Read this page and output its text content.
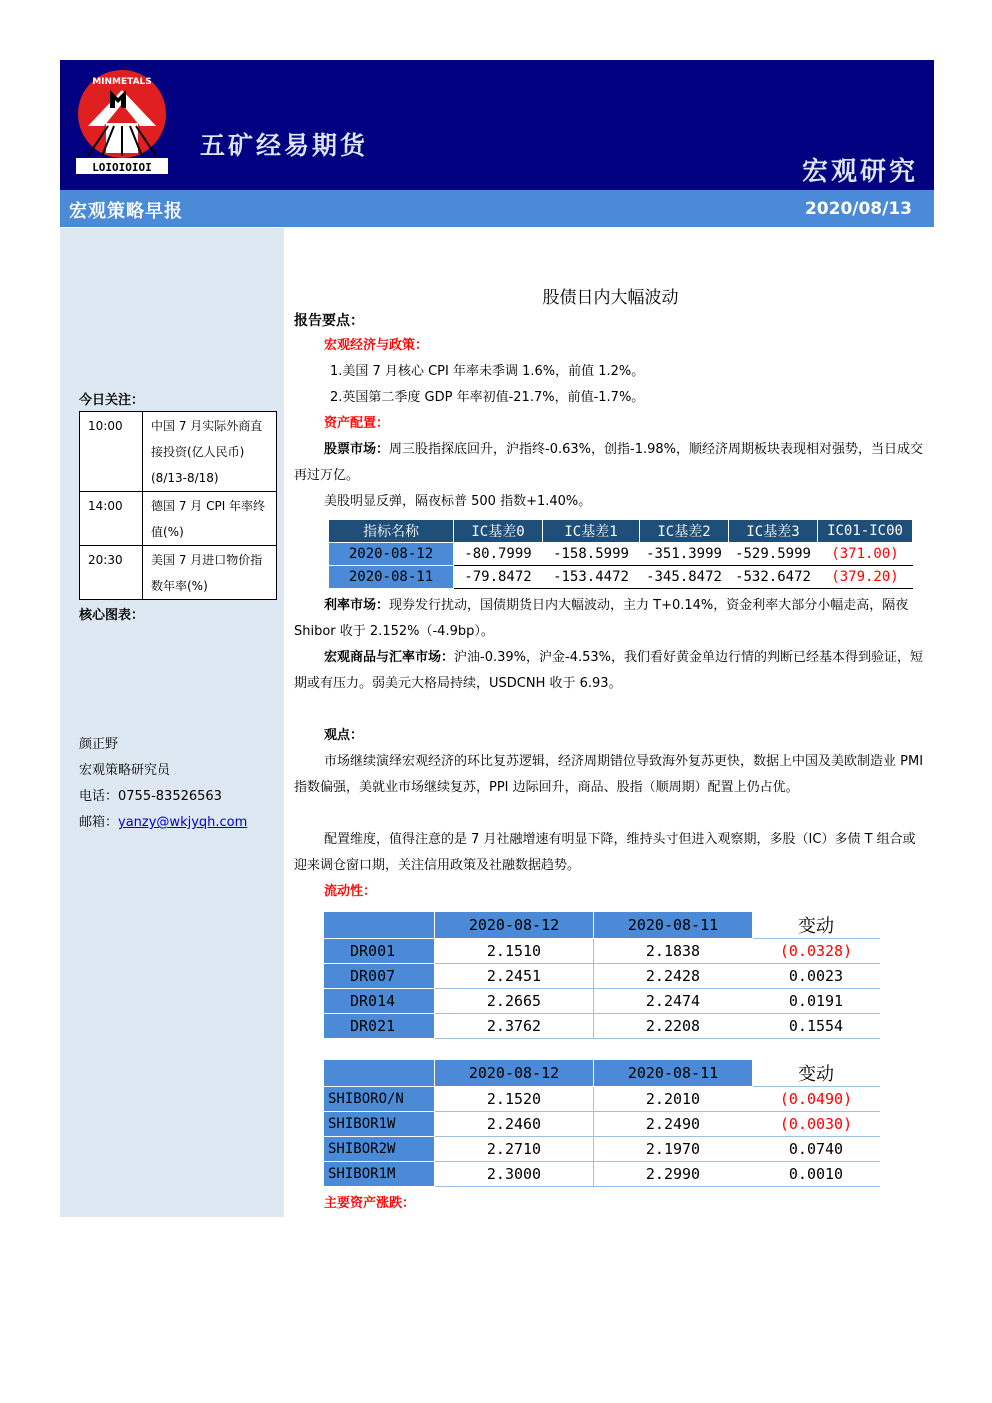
LOIOIOIOI
MINMETALS
五矿经易期货
宏观研究
宏观策略早报	2020/08/13
今日关注：
10:00	中国 7 月实际外商直接投资(亿人民币)(8/13-8/18)
14:00	德国 7 月 CPI 年率终值(%)
20:30	美国 7 月进口物价指数年率(%)
核心图表：
颜正野
宏观策略研究员
电话：0755-83526563
邮箱：yanzy@wkjyqh.com
股债日内大幅波动
报告要点：
宏观经济与政策：
1.美国 7 月核心 CPI 年率未季调 1.6%，前值 1.2%。
2.英国第二季度 GDP 年率初值-21.7%，前值-1.7%。
资产配置：
股票市场：周三股指探底回升，沪指终-0.63%，创指-1.98%，顺经济周期板块表现相对强势，当日成交再过万亿。
美股明显反弹，隔夜标普 500 指数+1.40%。
指标名称	IC基差0	IC基差1	IC基差2	IC基差3	IC01-IC00
2020-08-12	-80.7999	-158.5999	-351.3999	-529.5999	(371.00)
2020-08-11	-79.8472	-153.4472	-345.8472	-532.6472	(379.20)
利率市场：现券发行扰动，国债期货日内大幅波动，主力 T+0.14%，资金利率大部分小幅走高，隔夜 Shibor 收于 2.152%（-4.9bp）。
宏观商品与汇率市场：沪油-0.39%，沪金-4.53%，我们看好黄金单边行情的判断已经基本得到验证，短期或有压力。弱美元大格局持续，USDCNH 收于 6.93。
观点：
市场继续演绎宏观经济的环比复苏逻辑，经济周期错位导致海外复苏更快，数据上中国及美欧制造业 PMI 指数偏强，美就业市场继续复苏，PPI 边际回升，商品、股指（顺周期）配置上仍占优。
配置维度，值得注意的是 7 月社融增速有明显下降，维持头寸但进入观察期，多股（IC）多债 T 组合或迎来调仓窗口期，关注信用政策及社融数据趋势。
流动性：
	2020-08-12	2020-08-11	变动
DR001	2.1510	2.1838	(0.0328)
DR007	2.2451	2.2428	0.0023
DR014	2.2665	2.2474	0.0191
DR021	2.3762	2.2208	0.1554

	2020-08-12	2020-08-11	变动
SHIBORO/N	2.1520	2.2010	(0.0490)
SHIBOR1W	2.2460	2.2490	(0.0030)
SHIBOR2W	2.2710	2.1970	0.0740
SHIBOR1M	2.3000	2.2990	0.0010
主要资产涨跌：
